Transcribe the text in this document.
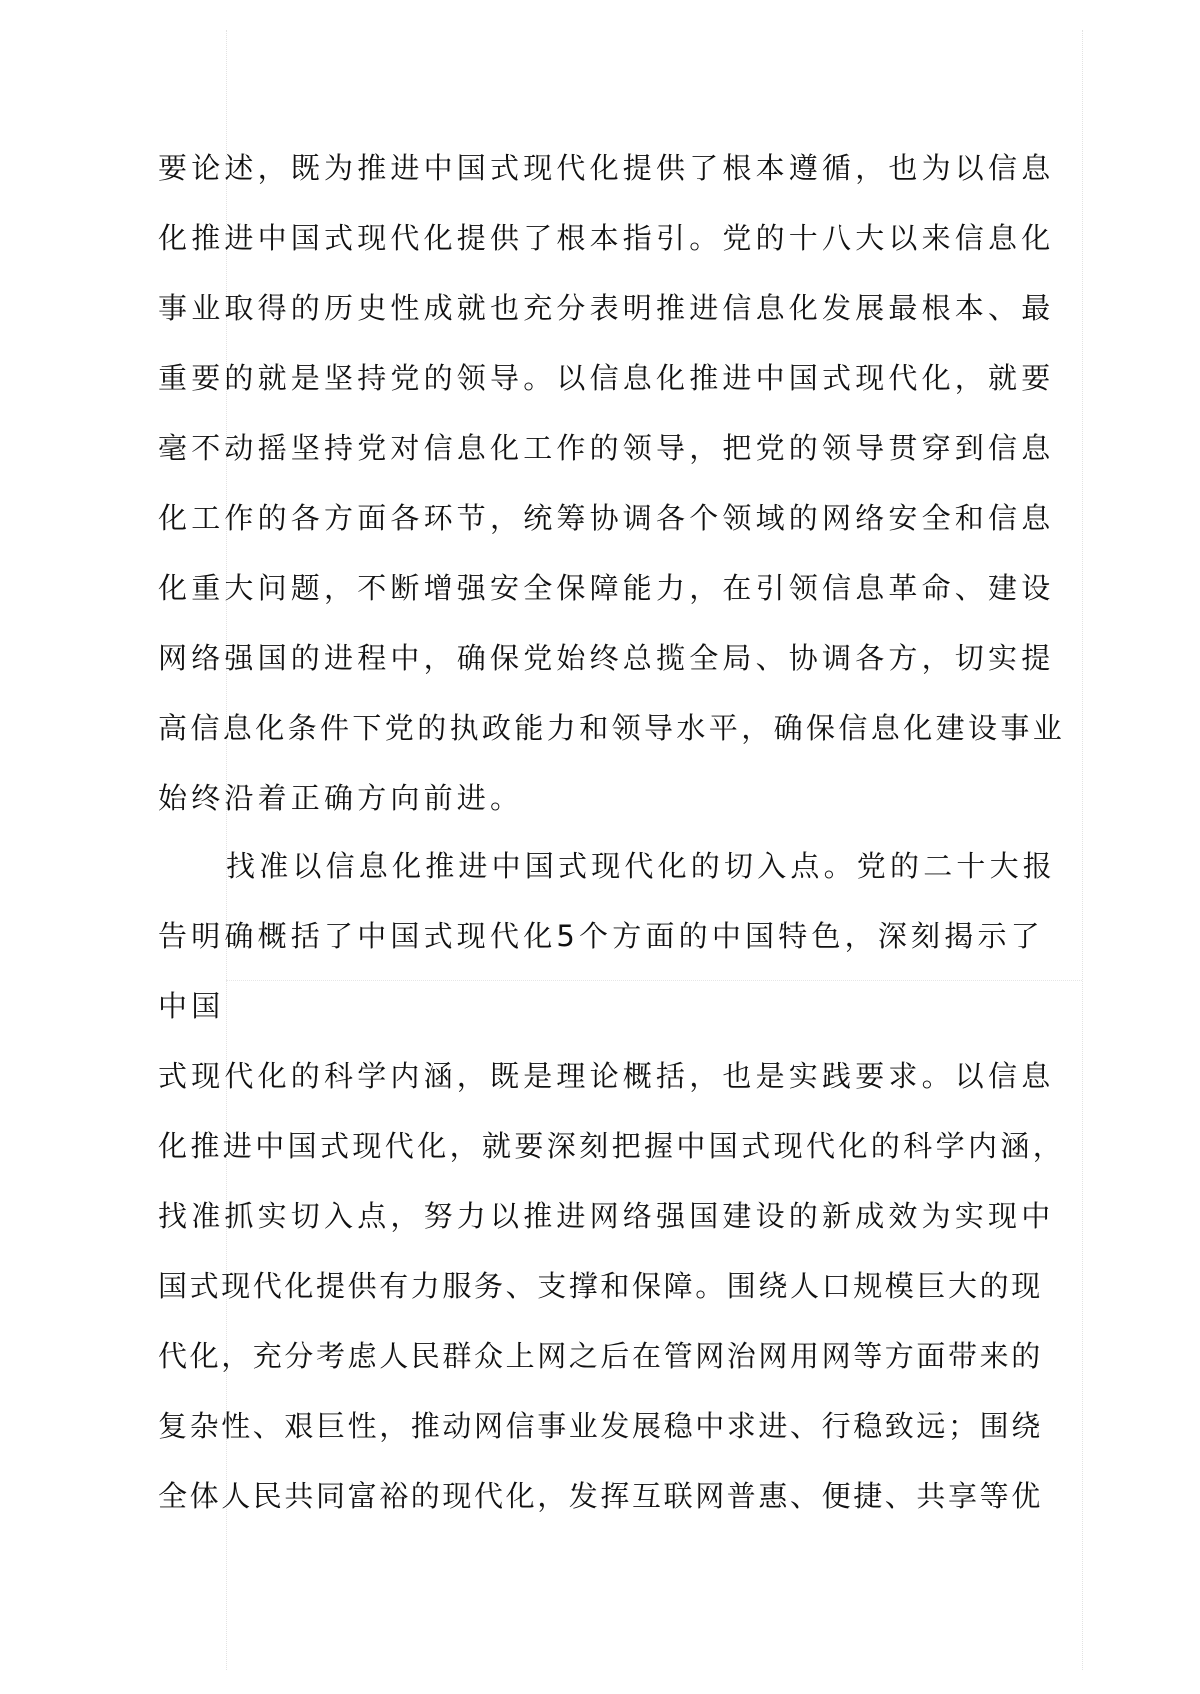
要论述，既为推进中国式现代化提供了根本遵循，也为以信息
化推进中国式现代化提供了根本指引。党的十八大以来信息化
事业取得的历史性成就也充分表明推进信息化发展最根本、最
重要的就是坚持党的领导。以信息化推进中国式现代化，就要
毫不动摇坚持党对信息化工作的领导，把党的领导贯穿到信息
化工作的各方面各环节，统筹协调各个领域的网络安全和信息
化重大问题，不断增强安全保障能力，在引领信息革命、建设
网络强国的进程中，确保党始终总揽全局、协调各方，切实提
高信息化条件下党的执政能力和领导水平，确保信息化建设事业
始终沿着正确方向前进。
找准以信息化推进中国式现代化的切入点。党的二十大报
告明确概括了中国式现代化5个方面的中国特色，深刻揭示了
中国
式现代化的科学内涵，既是理论概括，也是实践要求。以信息
化推进中国式现代化，就要深刻把握中国式现代化的科学内涵，
找准抓实切入点，努力以推进网络强国建设的新成效为实现中
国式现代化提供有力服务、支撑和保障。围绕人口规模巨大的现
代化，充分考虑人民群众上网之后在管网治网用网等方面带来的
复杂性、艰巨性，推动网信事业发展稳中求进、行稳致远；围绕
全体人民共同富裕的现代化，发挥互联网普惠、便捷、共享等优
